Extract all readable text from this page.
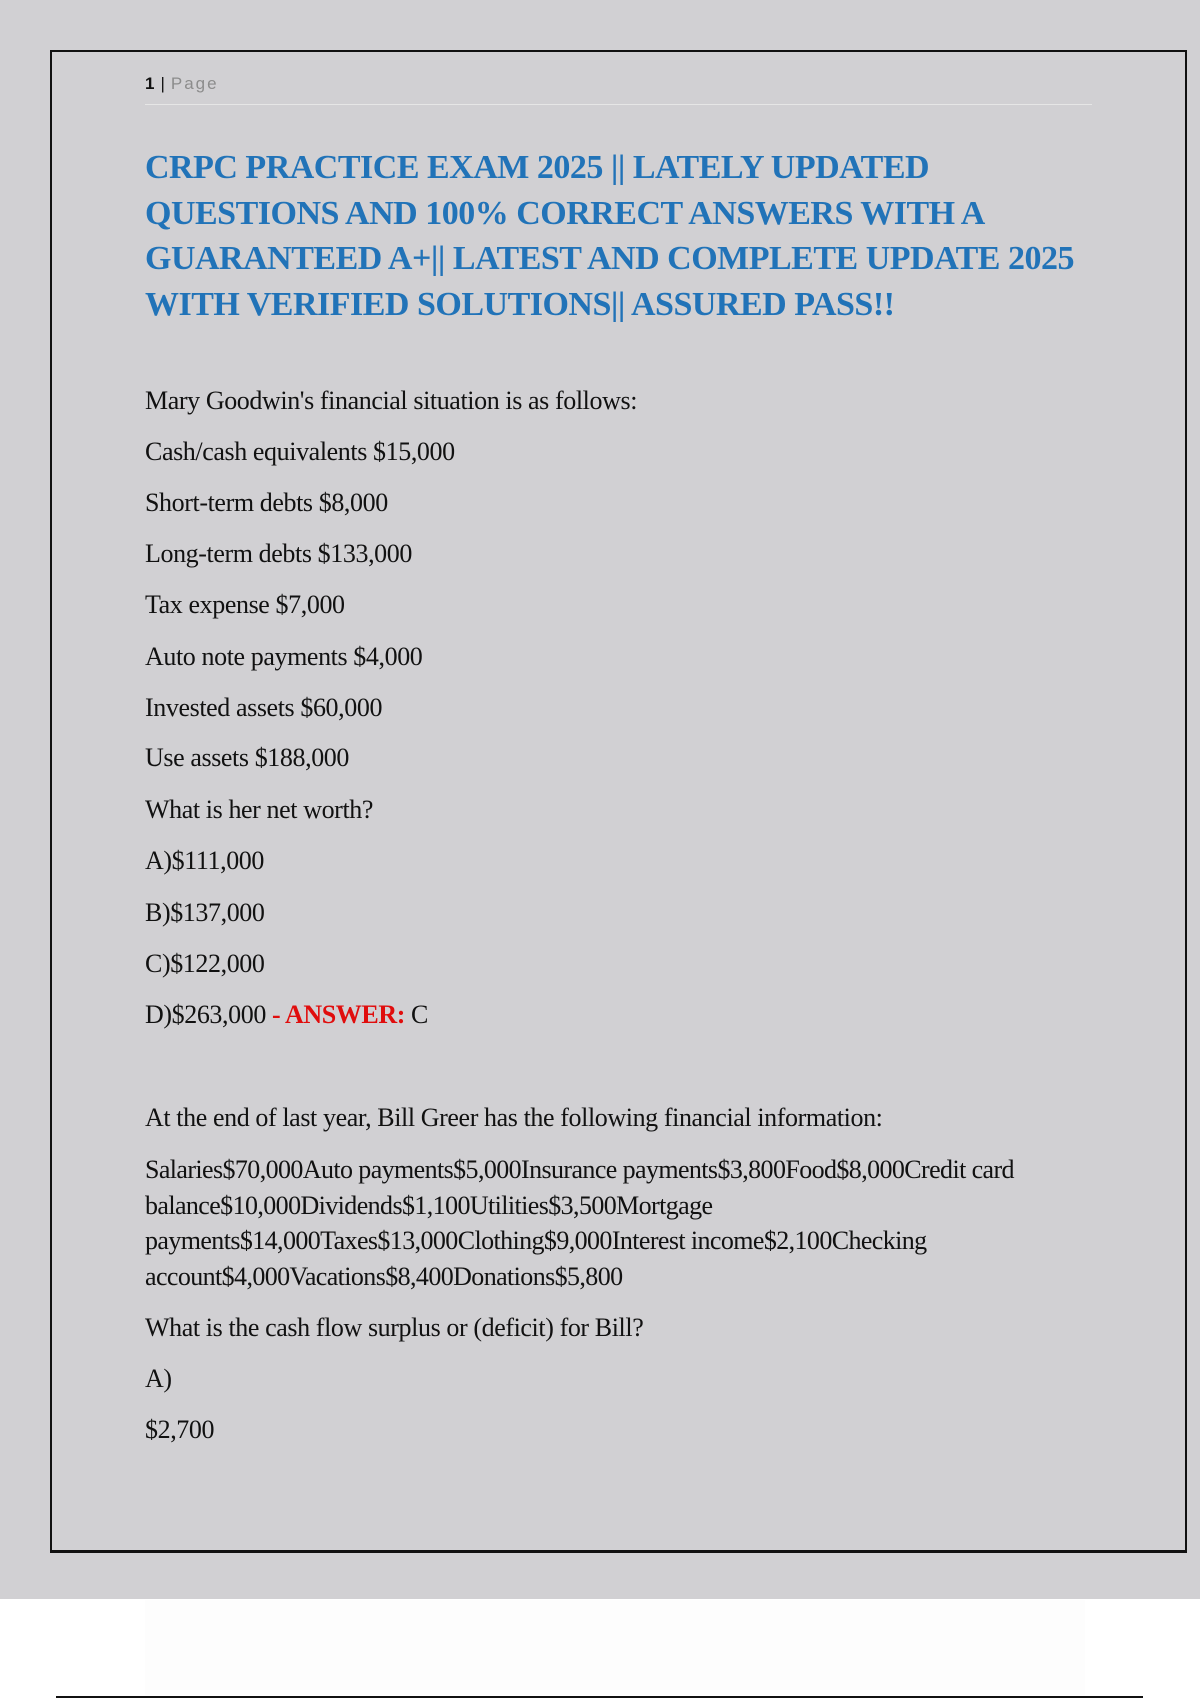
1 | Page
CRPC PRACTICE EXAM 2025 || LATELY UPDATED QUESTIONS AND 100% CORRECT ANSWERS WITH A GUARANTEED A+|| LATEST AND COMPLETE UPDATE 2025 WITH VERIFIED SOLUTIONS|| ASSURED PASS!!
Mary Goodwin's financial situation is as follows:
Cash/cash equivalents $15,000
Short-term debts $8,000
Long-term debts $133,000
Tax expense $7,000
Auto note payments $4,000
Invested assets $60,000
Use assets $188,000
What is her net worth?
A)$111,000
B)$137,000
C)$122,000
D)$263,000 - ANSWER: C
At the end of last year, Bill Greer has the following financial information:
Salaries$70,000Auto payments$5,000Insurance payments$3,800Food$8,000Credit card balance$10,000Dividends$1,100Utilities$3,500Mortgage payments$14,000Taxes$13,000Clothing$9,000Interest income$2,100Checking account$4,000Vacations$8,400Donations$5,800
What is the cash flow surplus or (deficit) for Bill?
A)
$2,700
